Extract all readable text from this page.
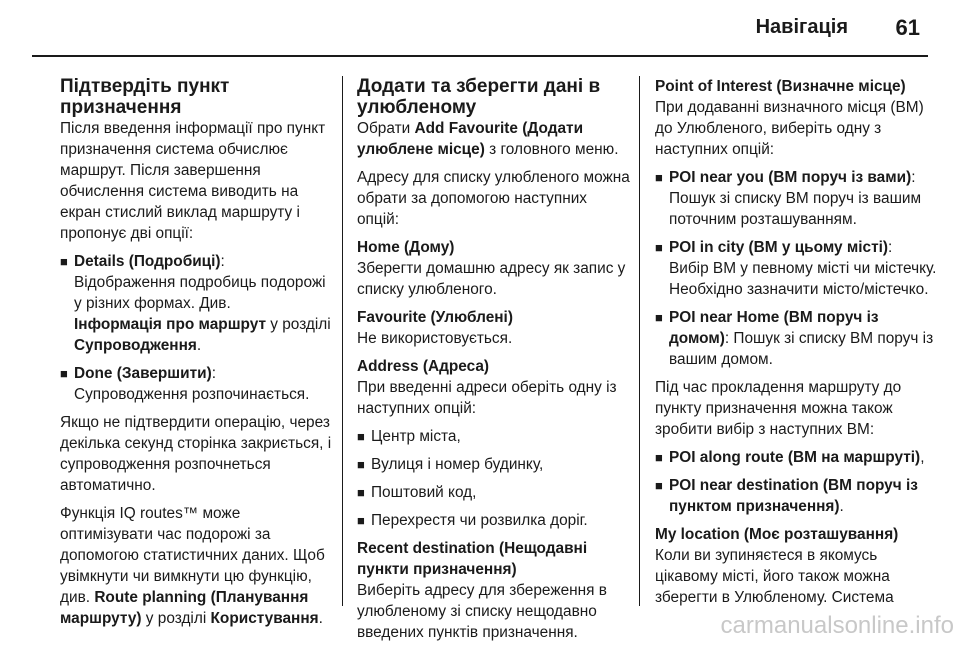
Навігація 61
Підтвердіть пункт призначення

Після введення інформації про пункт призначення система обчислює маршрут. Після завершення обчислення система виводить на екран стислий виклад маршруту і пропонує дві опції:

■ Details (Подробиці):
Відображення подробиць подорожі у різних формах. Див.
Інформація про маршрут у розділі Супроводження.
■ Done (Завершити):
Супроводження розпочинається.

Якщо не підтвердити операцію, через декілька секунд сторінка закриється, і супроводження розпочнеться автоматично.

Функція IQ routes™ може оптимізувати час подорожі за допомогою статистичних даних. Щоб увімкнути чи вимкнути цю функцію, див. Route planning (Планування маршруту) у розділі Користування.

Додати та зберегти дані в улюбленому

Обрати Add Favourite (Додати улюблене місце) з головного меню.

Адресу для списку улюбленого можна обрати за допомогою наступних опцій:

Home (Дому)

Зберегти домашню адресу як запис у списку улюбленого.

Favourite (Улюблені)

Не використовується.

Address (Адреса)

При введенні адреси оберіть одну із наступних опцій:

■ Центр міста,
■ Вулиця і номер будинку,
■ Поштовий код,
■ Перехрестя чи розвилка доріг.
Recent destination (Нещодавні пункти призначення)

Виберіть адресу для збереження в улюбленому зі списку нещодавно введених пунктів призначення.

Point of Interest (Визначне місце)

При додаванні визначного місця (ВМ) до Улюбленого, виберіть одну з наступних опцій:

■ POI near you (ВМ поруч із вами):
Пошук зі списку ВМ поруч із вашим поточним розташуванням.
■ POI in city (ВМ у цьому місті):
Вибір ВМ у певному місті чи містечку. Необхідно зазначити місто/містечко.
■ POI near Home (ВМ поруч із домом): Пошук зі списку ВМ поруч із вашим домом.

Під час прокладення маршруту до пункту призначення можна також зробити вибір з наступних ВМ:

■ POI along route (ВМ на маршруті),
■ POI near destination (ВМ поруч із пунктом призначення).
My location (Моє розташування)

Коли ви зупиняєтеся в якомусь цікавому місті, його також можна зберегти в Улюбленому. Система

carmanualsonline.info
